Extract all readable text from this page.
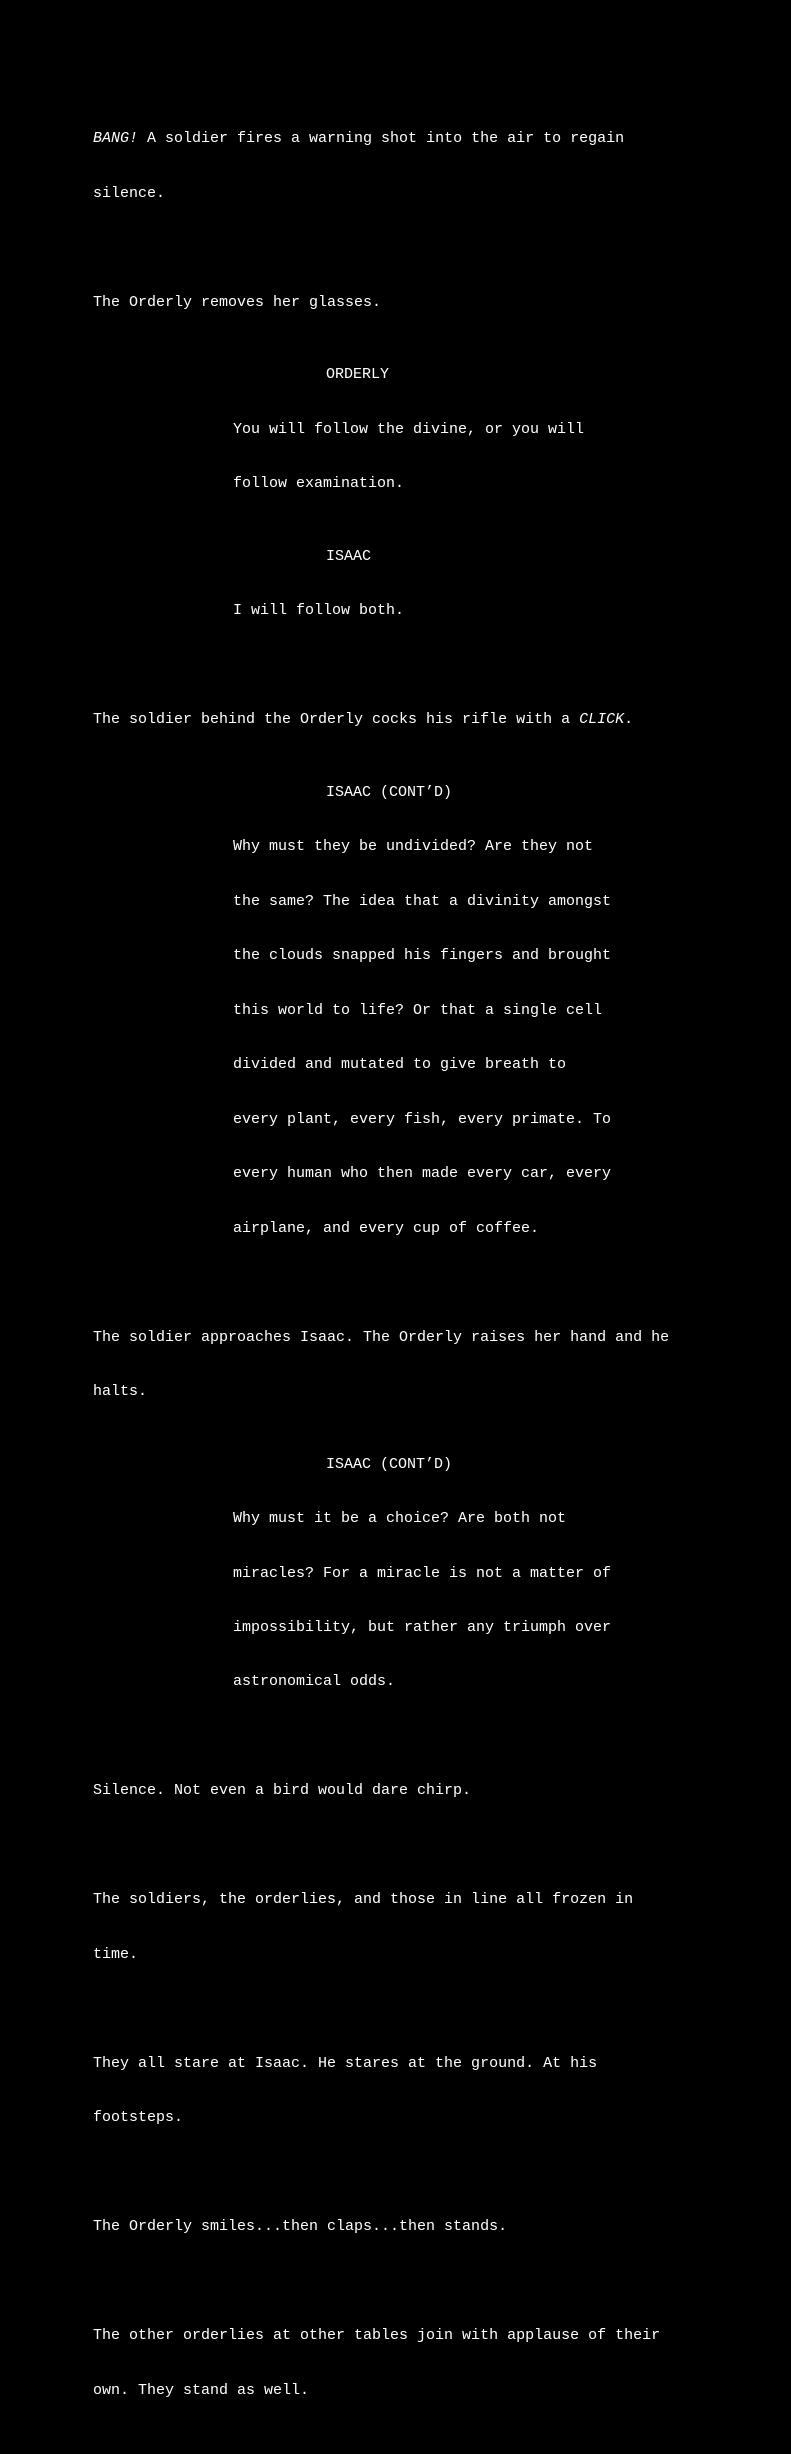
BANG! A soldier fires a warning shot into the air to regain

silence.

The Orderly removes her glasses.

ORDERLY

You will follow the divine, or you will

follow examination.

ISAAC

I will follow both.

The soldier behind the Orderly cocks his rifle with a CLICK.

ISAAC (CONT’D)

Why must they be undivided? Are they not

the same? The idea that a divinity amongst

the clouds snapped his fingers and brought

this world to life? Or that a single cell

divided and mutated to give breath to

every plant, every fish, every primate. To

every human who then made every car, every

airplane, and every cup of coffee.

The soldier approaches Isaac. The Orderly raises her hand and he

halts.

ISAAC (CONT’D)

Why must it be a choice? Are both not

miracles? For a miracle is not a matter of

impossibility, but rather any triumph over

astronomical odds.

Silence. Not even a bird would dare chirp.

The soldiers, the orderlies, and those in line all frozen in

time.

They all stare at Isaac. He stares at the ground. At his

footsteps.

The Orderly smiles...then claps...then stands.

The other orderlies at other tables join with applause of their

own. They stand as well.
